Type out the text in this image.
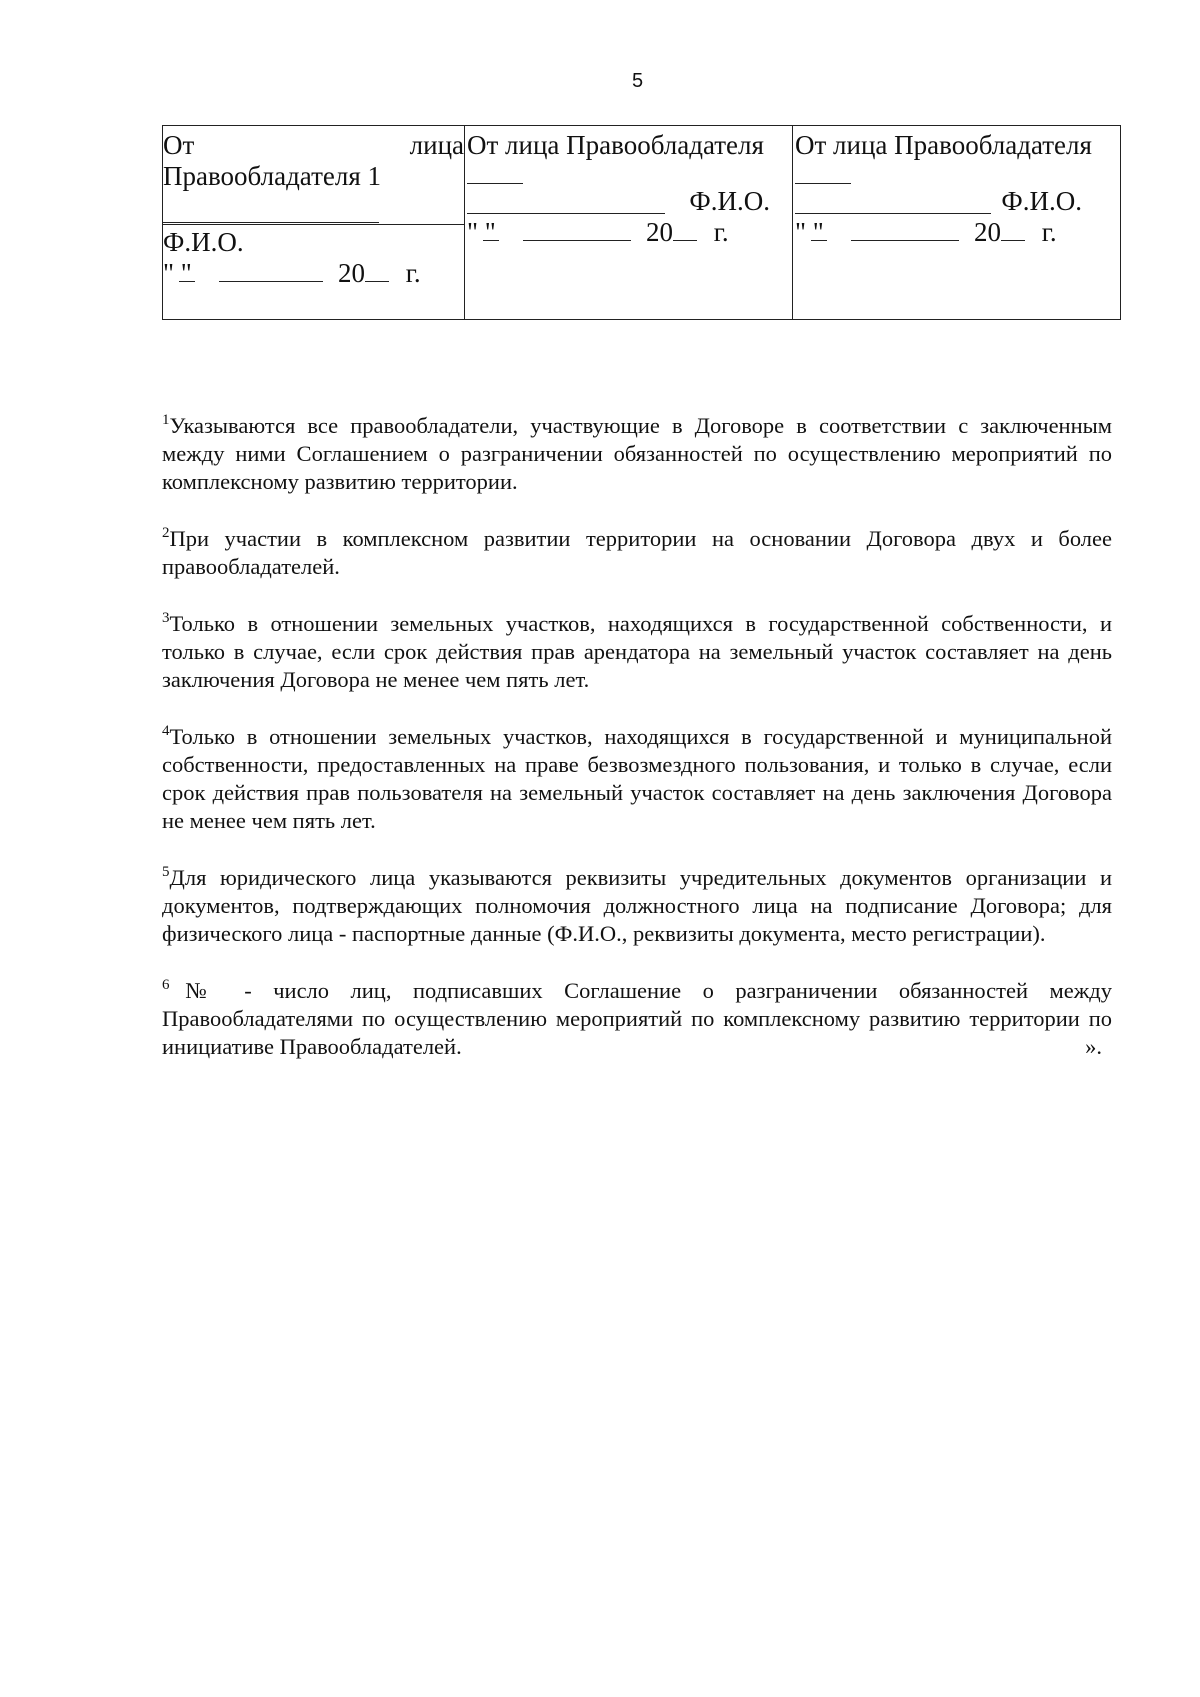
5
От	лица
Правообладателя 1
Ф.И.О.
" "	20 г.

От лица Правообладателя
Ф.И.О.
" "	20 г.

От лица Правообладателя
Ф.И.О.
" "	20 г.

$^1$Указываются все правообладатели, участвующие в Договоре в соответствии с заключенным между ними Соглашением о разграничении обязанностей по осуществлению мероприятий по комплексному развитию территории.

$^2$При участии в комплексном развитии территории на основании Договора двух и более правообладателей.

$^3$Только в отношении земельных участков, находящихся в государственной собственности, и только в случае, если срок действия прав арендатора на земельный участок составляет на день заключения Договора не менее чем пять лет.

$^4$Только в отношении земельных участков, находящихся в государственной и муниципальной собственности, предоставленных на праве безвозмездного пользования, и только в случае, если срок действия прав пользователя на земельный участок составляет на день заключения Договора не менее чем пять лет.

$^5$Для юридического лица указываются реквизиты учредительных документов организации и документов, подтверждающих полномочия должностного лица на подписание Договора; для физического лица - паспортные данные (Ф.И.О., реквизиты документа, место регистрации).

$^6$№ - число лиц, подписавших Соглашение о разграничении обязанностей между Правообладателями по осуществлению мероприятий по комплексному развитию территории по инициативе Правообладателей.	».
